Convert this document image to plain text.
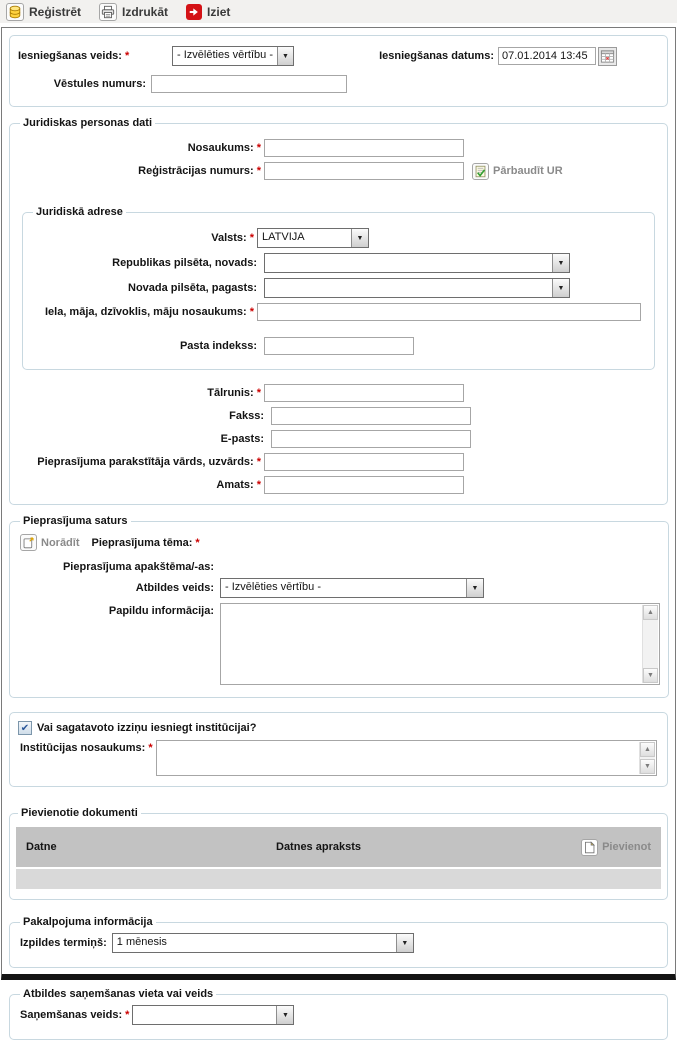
Reģistrēt	Izdrukāt	Iziet
Iesniegšanas veids: *	- Izvēlēties vērtību -	▼	Iesniegšanas datums:
07.01.2014 13:45
Vēstules numurs:
Juridiskas personas dati
Nosaukums: *
Reģistrācijas numurs: *	Pārbaudīt UR
Juridiskā adrese
Valsts: * LATVIJA	▼
Republikas pilsēta, novads:	▼
Novada pilsēta, pagasts:	▼
Iela, māja, dzīvoklis, māju nosaukums: *
Pasta indekss:
Tālrunis: *
Fakss:
E-pasts:
Pieprasījuma parakstītāja vārds, uzvārds: *
Amats: *
Pieprasījuma saturs
Norādīt Pieprasījuma tēma: *
Pieprasījuma apakštēma/-as:
Atbildes veids:	- Izvēlēties vērtību -	▼
Papildu informācija:	▲
▼
✔ Vai sagatavoto izziņu iesniegt institūcijai?
Institūcijas nosaukums: *	▲
▼
Pievienotie dokumenti
Datne	Datnes apraksts	Pievienot
Pakalpojuma informācija
Izpildes termiņš: 1 mēnesis	▼
Atbildes saņemšanas vieta vai veids
Saņemšanas veids: *	▼
